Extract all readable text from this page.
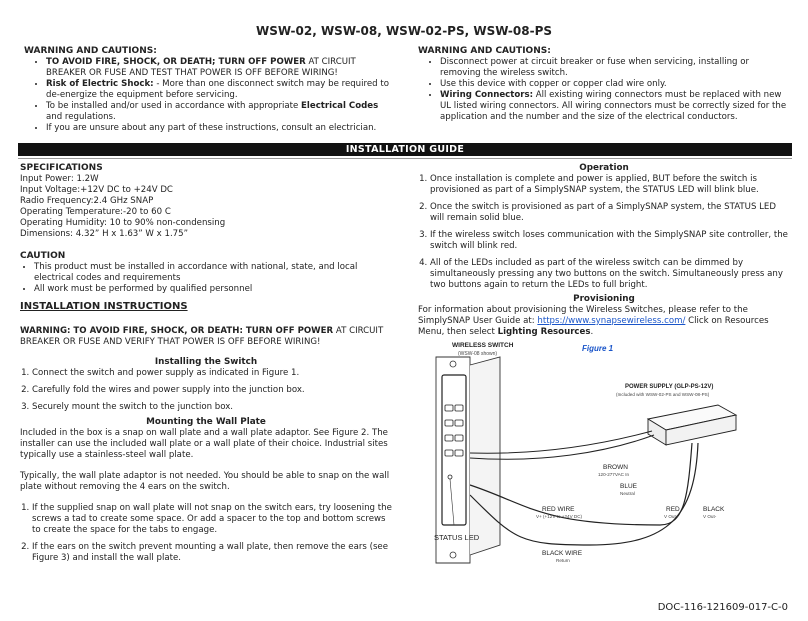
WSW-02, WSW-08, WSW-02-PS, WSW-08-PS
WARNING AND CAUTIONS:
• TO AVOID FIRE, SHOCK, OR DEATH; TURN OFF POWER AT CIRCUIT BREAKER OR FUSE AND TEST THAT POWER IS OFF BEFORE WIRING!
• Risk of Electric Shock: - More than one disconnect switch may be required to de-energize the equipment before servicing.
• To be installed and/or used in accordance with appropriate Electrical Codes and regulations.
• If you are unsure about any part of these instructions, consult an electrician.
WARNING AND CAUTIONS:
• Disconnect power at circuit breaker or fuse when servicing, installing or removing the wireless switch.
• Use this device with copper or copper clad wire only.
• Wiring Connectors: All existing wiring connectors must be replaced with new UL listed wiring connectors. All wiring connectors must be correctly sized for the application and the number and the size of the electrical conductors.
INSTALLATION GUIDE
SPECIFICATIONS
Input Power: 1.2W
Input Voltage:+12V DC to +24V DC
Radio Frequency:2.4 GHz SNAP
Operating Temperature:-20 to 60 C
Operating Humidity: 10 to 90% non-condensing
Dimensions: 4.32” H x 1.63” W x 1.75”
CAUTION
• This product must be installed in accordance with national, state, and local electrical codes and requirements
• All work must be performed by qualified personnel
INSTALLATION INSTRUCTIONS
WARNING: TO AVOID FIRE, SHOCK, OR DEATH: TURN OFF POWER AT CIRCUIT BREAKER OR FUSE AND VERIFY THAT POWER IS OFF BEFORE WIRING!
Installing the Switch
1. Connect the switch and power supply as indicated in Figure 1.
2. Carefully fold the wires and power supply into the junction box.
3. Securely mount the switch to the junction box.
Mounting the Wall Plate
Included in the box is a snap on wall plate and a wall plate adaptor. See Figure 2. The installer can use the included wall plate or a wall plate of their choice. Industrial sites typically use a stainless-steel wall plate.
Typically, the wall plate adaptor is not needed. You should be able to snap on the wall plate without removing the 4 ears on the switch.
1. If the supplied snap on wall plate will not snap on the switch ears, try loosening the screws a tad to create some space. Or add a spacer to the top and bottom screws to create the space for the tabs to engage.
2. If the ears on the switch prevent mounting a wall plate, then remove the ears (see Figure 3) and install the wall plate.
Operation
1. Once installation is complete and power is applied, BUT before the switch is provisioned as part of a SimplySNAP system, the STATUS LED will blink blue.
2. Once the switch is provisioned as part of a SimplySNAP system, the STATUS LED will remain solid blue.
3. If the wireless switch loses communication with the SimplySNAP site controller, the switch will blink red.
4. All of the LEDs included as part of the wireless switch can be dimmed by simultaneously pressing any two buttons on the switch. Simultaneously press any two buttons again to return the LEDs to full bright.
Provisioning
For information about provisioning the Wireless Switches, please refer to the SimplySNAP User Guide at: https://www.synapsewireless.com/ Click on Resources Menu, then select Lighting Resources.
Figure 1
WIRELESS SWITCH
(WSW-08 shown)
STATUS LED
POWER SUPPLY (GLP-PS-12V)
(Included with WSW-02-PS and WSW-08-PS)
BROWN
120-277VAC In
BLUE
Neutral
RED WIRE
V+ (+12V to +24V DC)
RED
V Out+
BLACK
V Out-
BLACK WIRE
Return
DOC-116-121609-017-C-0
